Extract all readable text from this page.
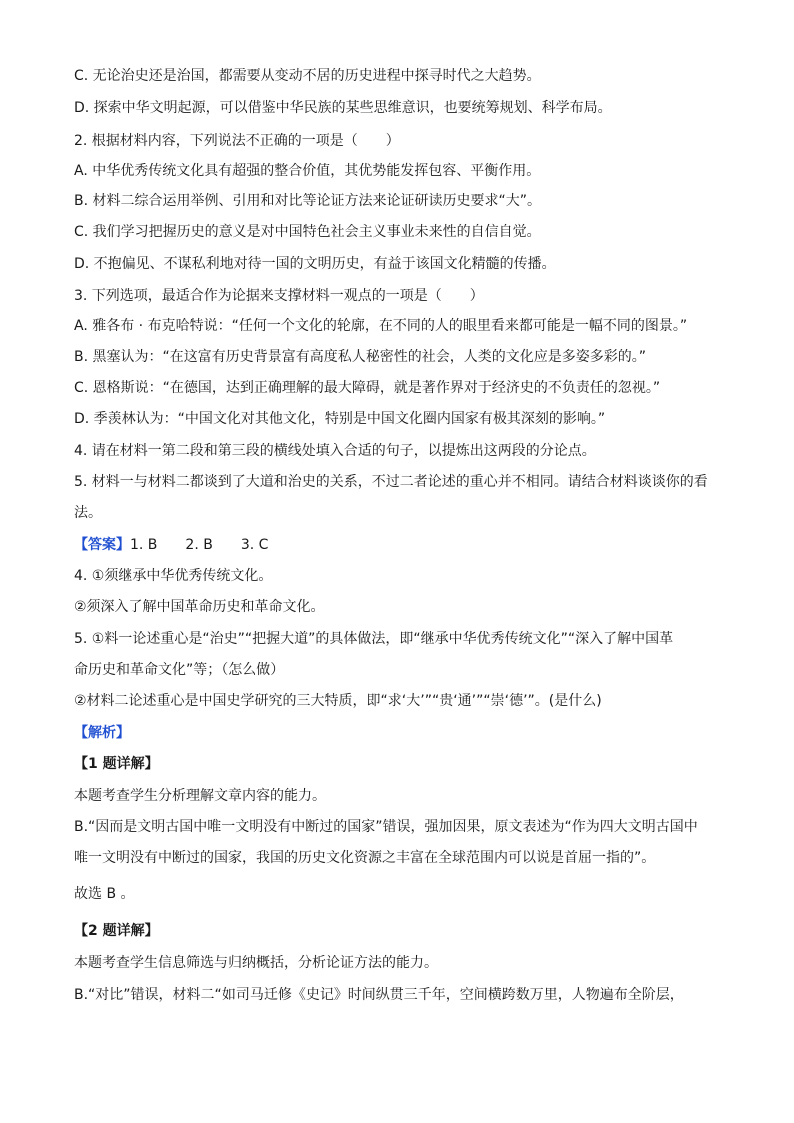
C. 无论治史还是治国，都需要从变动不居的历史进程中探寻时代之大趋势。
D. 探索中华文明起源，可以借鉴中华民族的某些思维意识，也要统筹规划、科学布局。
2. 根据材料内容，下列说法不正确的一项是（　　）
A. 中华优秀传统文化具有超强的整合价值，其优势能发挥包容、平衡作用。
B. 材料二综合运用举例、引用和对比等论证方法来论证研读历史要求“大”。
C. 我们学习把握历史的意义是对中国特色社会主义事业未来性的自信自觉。
D. 不抱偏见、不谋私利地对待一国的文明历史，有益于该国文化精髓的传播。
3. 下列选项，最适合作为论据来支撑材料一观点的一项是（　　）
A. 雅各布 · 布克哈特说：“任何一个文化的轮廓，在不同的人的眼里看来都可能是一幅不同的图景。”
B. 黑塞认为：“在这富有历史背景富有高度私人秘密性的社会，人类的文化应是多姿多彩的。”
C. 恩格斯说：“在德国，达到正确理解的最大障碍，就是著作界对于经济史的不负责任的忽视。”
D. 季羡林认为：“中国文化对其他文化，特别是中国文化圈内国家有极其深刻的影响。”
4. 请在材料一第二段和第三段的横线处填入合适的句子，以提炼出这两段的分论点。
5. 材料一与材料二都谈到了大道和治史的关系，不过二者论述的重心并不相同。请结合材料谈谈你的看
法。
【答案】1. B　　2. B　　3. C
4. ①须继承中华优秀传统文化。
②须深入了解中国革命历史和革命文化。
5. ①料一论述重心是“治史”“把握大道”的具体做法，即“继承中华优秀传统文化”“深入了解中国革
命历史和革命文化”等；（怎么做）
②材料二论述重心是中国史学研究的三大特质，即“求‘大’”“贵‘通’”“崇‘德’”。(是什么)
【解析】
【1 题详解】
本题考查学生分析理解文章内容的能力。
B.“因而是文明古国中唯一文明没有中断过的国家”错误，强加因果，原文表述为“作为四大文明古国中
唯一文明没有中断过的国家，我国的历史文化资源之丰富在全球范围内可以说是首屈一指的”。
故选 B 。
【2 题详解】
本题考查学生信息筛选与归纳概括，分析论证方法的能力。
B.“对比”错误，材料二“如司马迁修《史记》时间纵贯三千年，空间横跨数万里，人物遍布全阶层，
